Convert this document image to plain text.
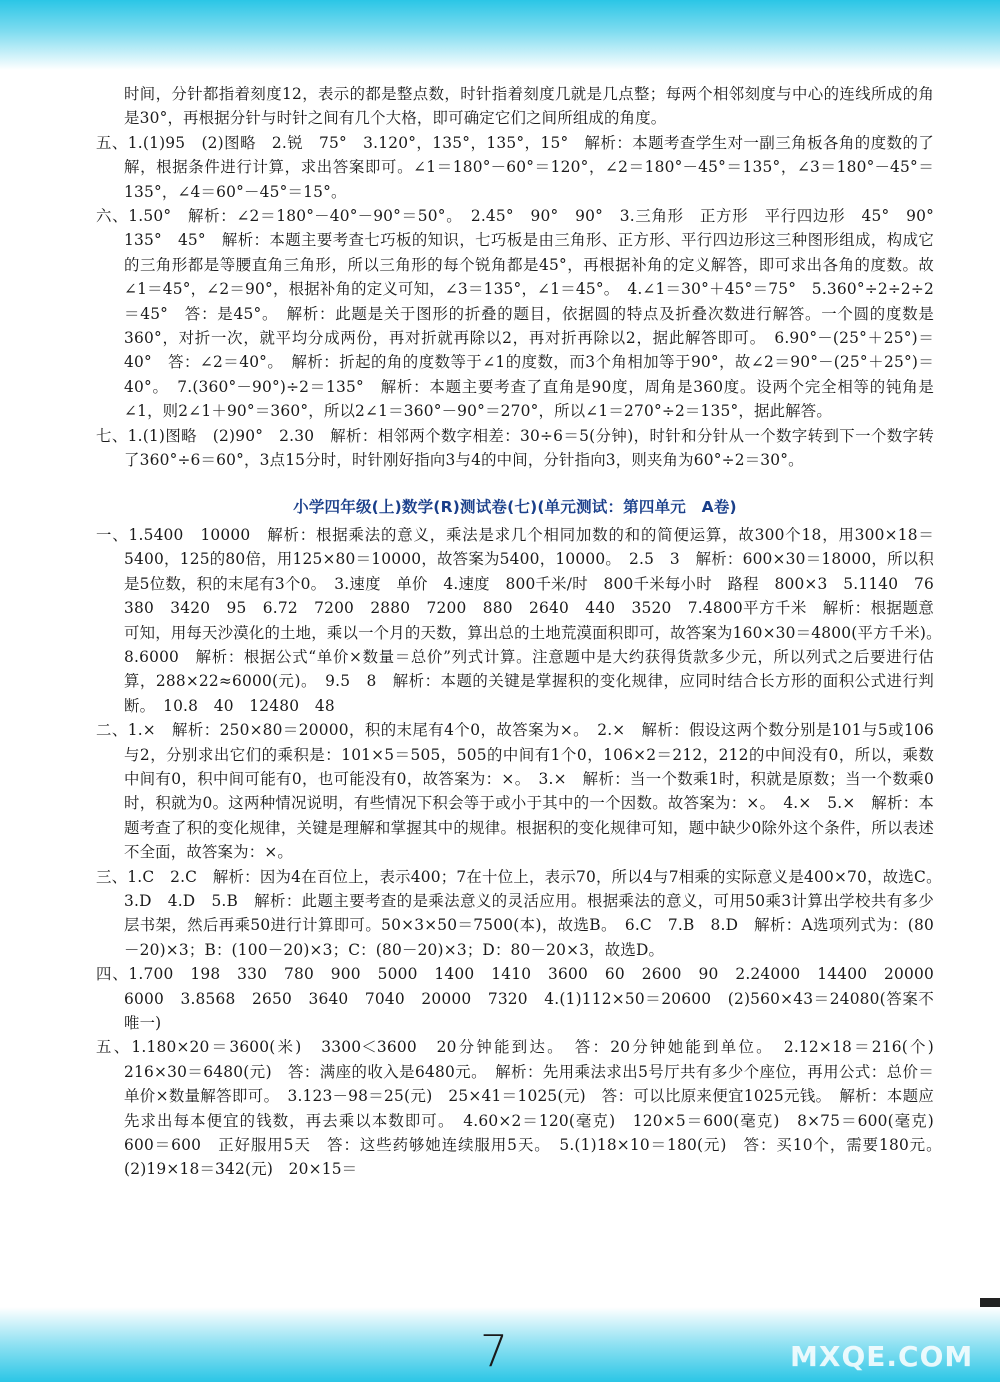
时间，分针都指着刻度12，表示的都是整点数，时针指着刻度几就是几点整；每两个相邻刻度与中心的连线所成的角是30°，再根据分针与时针之间有几个大格，即可确定它们之间所组成的角度。

五、1.(1)95　(2)图略　2.锐　75°　3.120°，135°，135°，15°　解析：本题考查学生对一副三角板各角的度数的了解，根据条件进行计算，求出答案即可。∠1＝180°－60°＝120°，∠2＝180°－45°＝135°，∠3＝180°－45°＝135°，∠4＝60°－45°＝15°。

六、1.50°　解析：∠2＝180°－40°－90°＝50°。　2.45°　90°　90°　3.三角形　正方形　平行四边形　45°　90°　135°　45°　解析：本题主要考查七巧板的知识，七巧板是由三角形、正方形、平行四边形这三种图形组成，构成它的三角形都是等腰直角三角形，所以三角形的每个锐角都是45°，再根据补角的定义解答，即可求出各角的度数。故∠1＝45°，∠2＝90°，根据补角的定义可知，∠3＝135°，∠1＝45°。　4.∠1＝30°＋45°＝75°　5.360°÷2÷2÷2＝45°　答：是45°。　解析：此题是关于图形的折叠的题目，依据圆的特点及折叠次数进行解答。一个圆的度数是360°，对折一次，就平均分成两份，再对折就再除以2，再对折再除以2，据此解答即可。　6.90°－(25°＋25°)＝40°　答：∠2＝40°。　解析：折起的角的度数等于∠1的度数，而3个角相加等于90°，故∠2＝90°－(25°＋25°)＝40°。　7.(360°－90°)÷2＝135°　解析：本题主要考查了直角是90度，周角是360度。设两个完全相等的钝角是∠1，则2∠1＋90°＝360°，所以2∠1＝360°－90°＝270°，所以∠1＝270°÷2＝135°，据此解答。

七、1.(1)图略　(2)90°　2.30　解析：相邻两个数字相差：30÷6＝5(分钟)，时针和分针从一个数字转到下一个数字转了360°÷6＝60°，3点15分时，时针刚好指向3与4的中间，分针指向3，则夹角为60°÷2＝30°。

小学四年级(上)数学(R)测试卷(七)(单元测试：第四单元　A卷)

一、1.5400　10000　解析：根据乘法的意义，乘法是求几个相同加数的和的简便运算，故300个18，用300×18＝5400，125的80倍，用125×80＝10000，故答案为5400，10000。　2.5　3　解析：600×30＝18000，所以积是5位数，积的末尾有3个0。　3.速度　单价　4.速度　800千米/时　800千米每小时　路程　800×3　5.1140　76　380　3420　95　6.72　7200　2880　7200　880　2640　440　3520　7.4800平方千米　解析：根据题意可知，用每天沙漠化的土地，乘以一个月的天数，算出总的土地荒漠面积即可，故答案为160×30＝4800(平方千米)。　8.6000　解析：根据公式“单价×数量＝总价”列式计算。注意题中是大约获得货款多少元，所以列式之后要进行估算，288×22≈6000(元)。　9.5　8　解析：本题的关键是掌握积的变化规律，应同时结合长方形的面积公式进行判断。　10.8　40　12480　48

二、1.×　解析：250×80＝20000，积的末尾有4个0，故答案为×。　2.×　解析：假设这两个数分别是101与5或106与2，分别求出它们的乘积是：101×5＝505，505的中间有1个0，106×2＝212，212的中间没有0，所以，乘数中间有0，积中间可能有0，也可能没有0，故答案为：×。　3.×　解析：当一个数乘1时，积就是原数；当一个数乘0时，积就为0。这两种情况说明，有些情况下积会等于或小于其中的一个因数。故答案为：×。　4.×　5.×　解析：本题考查了积的变化规律，关键是理解和掌握其中的规律。根据积的变化规律可知，题中缺少0除外这个条件，所以表述不全面，故答案为：×。

三、1.C　2.C　解析：因为4在百位上，表示400；7在十位上，表示70，所以4与7相乘的实际意义是400×70，故选C。　3.D　4.D　5.B　解析：此题主要考查的是乘法意义的灵活应用。根据乘法的意义，可用50乘3计算出学校共有多少层书架，然后再乘50进行计算即可。50×3×50＝7500(本)，故选B。　6.C　7.B　8.D　解析：A选项列式为：(80－20)×3；B：(100－20)×3；C：(80－20)×3；D：80－20×3，故选D。

四、1.700　198　330　780　900　5000　1400　1410　3600　60　2600　90　2.24000　14400　20000　6000　3.8568　2650　3640　7040　20000　7320　4.(1)112×50＝20600　(2)560×43＝24080(答案不唯一)

五、1.180×20＝3600(米)　3300＜3600　20分钟能到达。　答：20分钟她能到单位。　2.12×18＝216(个)　216×30＝6480(元)　答：满座的收入是6480元。　解析：先用乘法求出5号厅共有多少个座位，再用公式：总价＝单价×数量解答即可。　3.123－98＝25(元)　25×41＝1025(元)　答：可以比原来便宜1025元钱。　解析：本题应先求出每本便宜的钱数，再去乘以本数即可。　4.60×2＝120(毫克)　120×5＝600(毫克)　8×75＝600(毫克)　600＝600　正好服用5天　答：这些药够她连续服用5天。　5.(1)18×10＝180(元)　答：买10个，需要180元。　(2)19×18＝342(元)　20×15＝

7	MXQE.COM
